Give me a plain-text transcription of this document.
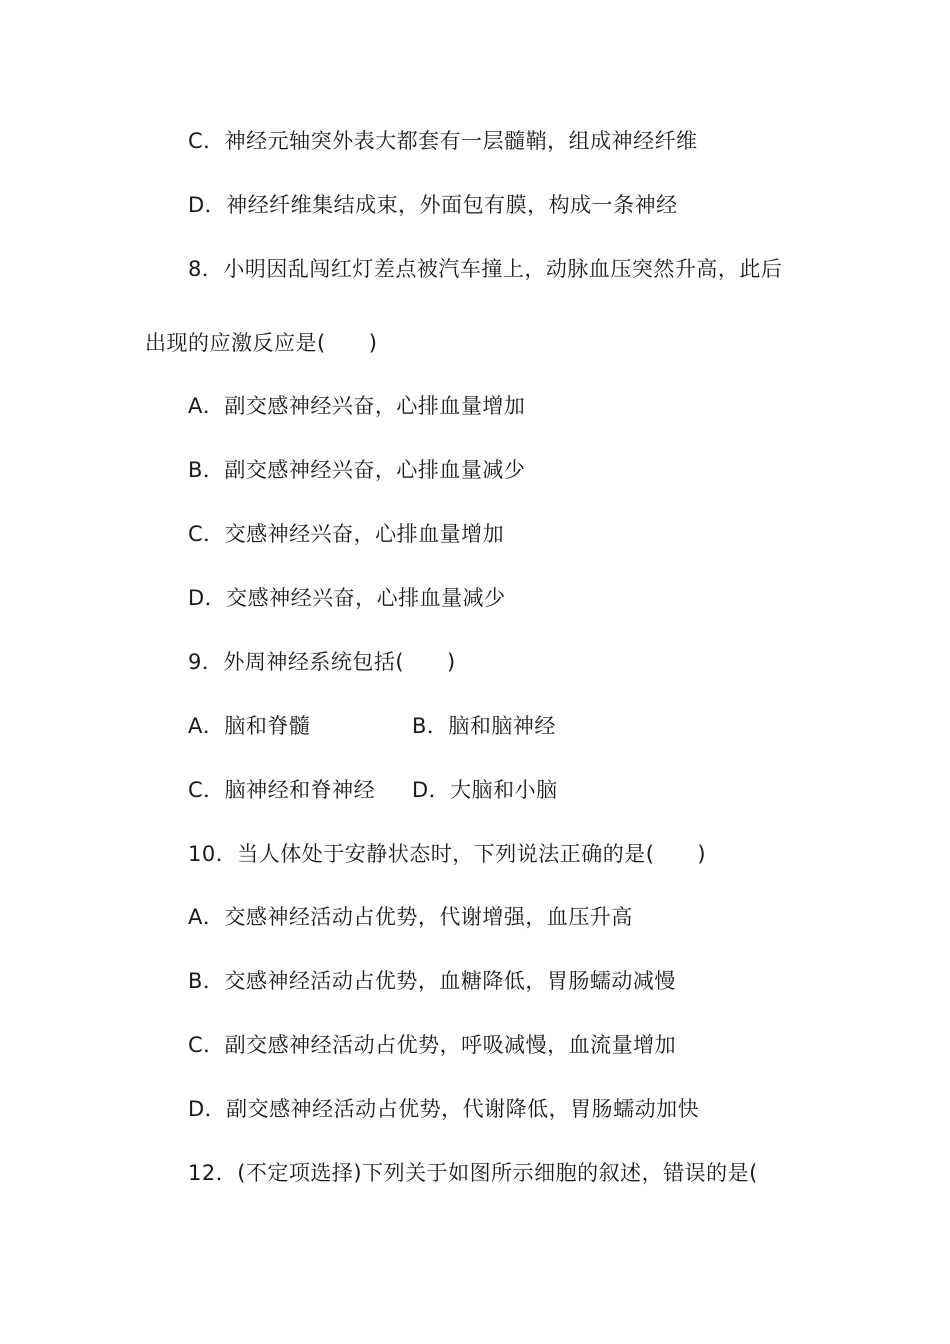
C．神经元轴突外表大都套有一层髓鞘，组成神经纤维
D．神经纤维集结成束，外面包有膜，构成一条神经
8．小明因乱闯红灯差点被汽车撞上，动脉血压突然升高，此后
出现的应激反应是(　　)
A．副交感神经兴奋，心排血量增加
B．副交感神经兴奋，心排血量减少
C．交感神经兴奋，心排血量增加
D．交感神经兴奋，心排血量减少
9．外周神经系统包括(　　)
A．脑和脊髓	B．脑和脑神经
C．脑神经和脊神经 D．大脑和小脑
10．当人体处于安静状态时，下列说法正确的是(　　)
A．交感神经活动占优势，代谢增强，血压升高
B．交感神经活动占优势，血糖降低，胃肠蠕动减慢
C．副交感神经活动占优势，呼吸减慢，血流量增加
D．副交感神经活动占优势，代谢降低，胃肠蠕动加快
12．(不定项选择)下列关于如图所示细胞的叙述，错误的是(
